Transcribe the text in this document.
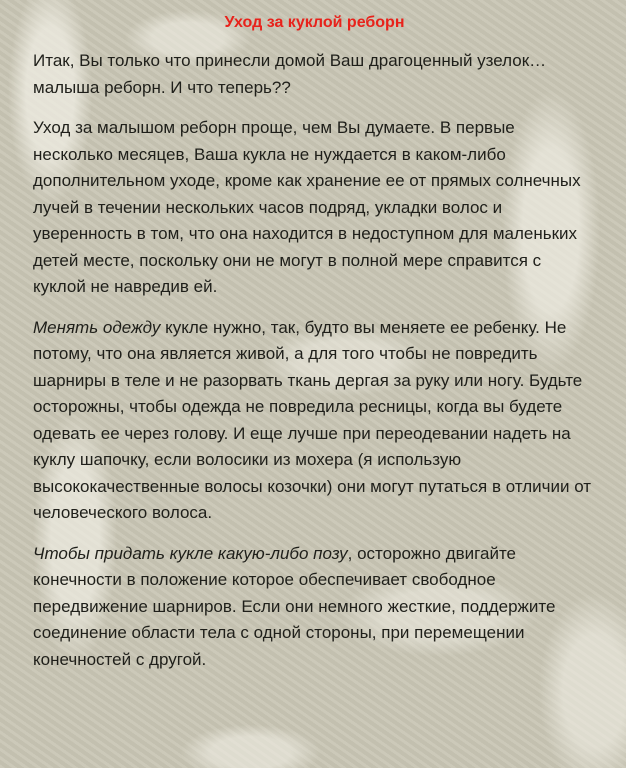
Уход за куклой реборн

Итак, Вы только что принесли домой Ваш драгоценный узелок… малыша реборн. И что теперь??

Уход за малышом реборн проще, чем Вы думаете. В первые несколько месяцев, Ваша кукла не нуждается в каком-либо дополнительном уходе, кроме как хранение ее от прямых солнечных лучей в течении нескольких часов подряд, укладки волос и уверенность в том, что она находится в недоступном для маленьких детей месте, поскольку они не могут в полной мере справится с куклой не навредив ей.

Менять одежду кукле нужно, так, будто вы меняете ее ребенку. Не потому, что она является живой, а для того чтобы не повредить шарниры в теле и не разорвать ткань дергая за руку или ногу. Будьте осторожны, чтобы одежда не повредила ресницы, когда вы будете одевать ее через голову. И еще лучше при переодевании надеть на куклу шапочку, если волосики из мохера (я использую высококачественные волосы козочки) они могут путаться в отличии от человеческого волоса.

Чтобы придать кукле какую-либо позу, осторожно двигайте конечности в положение которое обеспечивает свободное передвижение шарниров. Если они немного жесткие, поддержите соединение области тела с одной стороны, при перемещении конечностей с другой.
